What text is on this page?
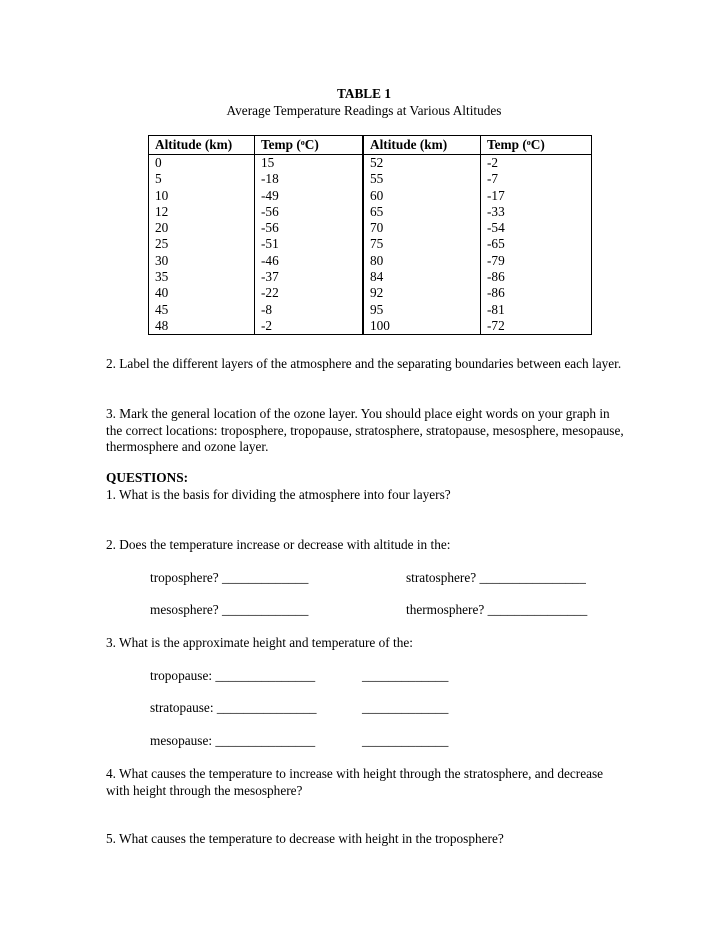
TABLE 1
Average Temperature Readings at Various Altitudes
Altitude (km)	Temp ($^o$C)	Altitude (km)	Temp ($^o$C)
0	15	52	-2
5	-18	55	-7
10	-49	60	-17
12	-56	65	-33
20	-56	70	-54
25	-51	75	-65
30	-46	80	-79
35	-37	84	-86
40	-22	92	-86
45	-8	95	-81
48	-2	100	-72
2. Label the different layers of the atmosphere and the separating boundaries between each layer.
3. Mark the general location of the ozone layer. You should place eight words on your graph in the correct locations: troposphere, tropopause, stratosphere, stratopause, mesosphere, mesopause, thermosphere and ozone layer.
QUESTIONS:
1. What is the basis for dividing the atmosphere into four layers?
2. Does the temperature increase or decrease with altitude in the:
troposphere? _____________	stratosphere? ________________
mesosphere? _____________	thermosphere? _______________
3. What is the approximate height and temperature of the:
tropopause: _______________	_____________
stratopause: _______________	_____________
mesopause: _______________	_____________
4. What causes the temperature to increase with height through the stratosphere, and decrease with height through the mesosphere?
5. What causes the temperature to decrease with height in the troposphere?
